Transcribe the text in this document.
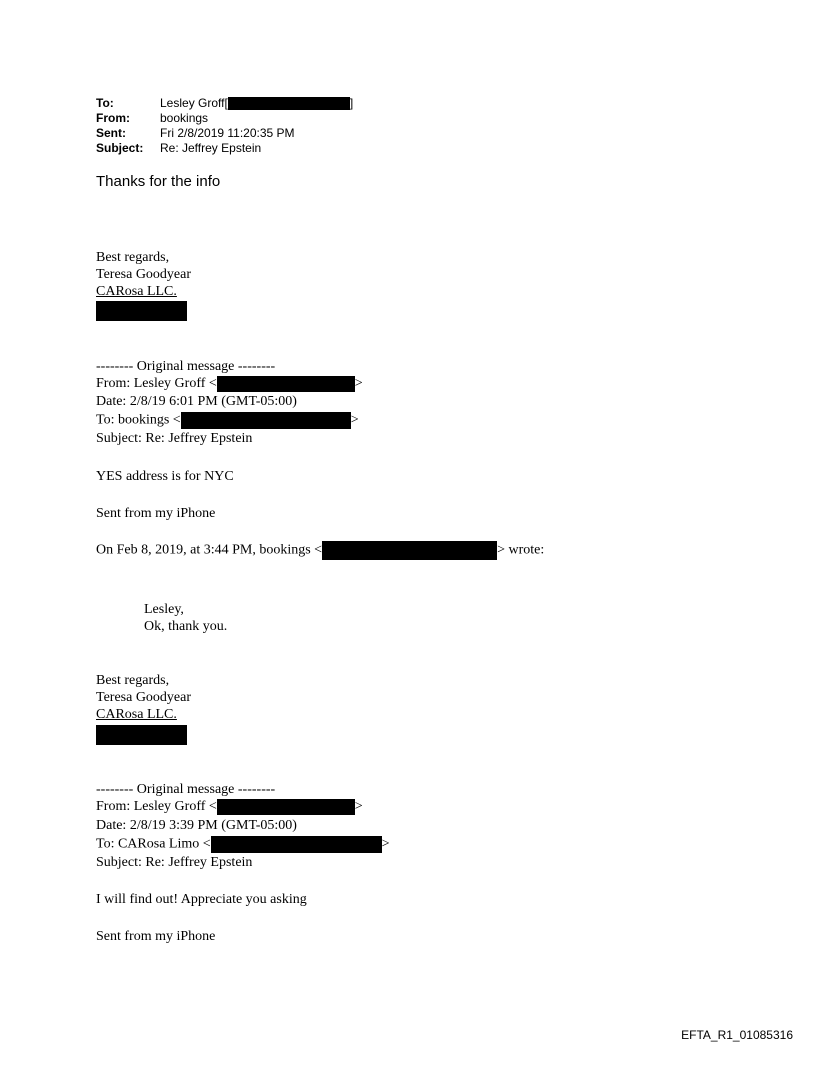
To:	Lesley Groff[	]
From:	bookings
Sent:	Fri 2/8/2019 11:20:35 PM
Subject: Re: Jeffrey Epstein
Thanks for the info
Best regards,
Teresa Goodyear
CARosa LLC.
-------- Original message --------
From: Lesley Groff <	>
Date: 2/8/19 6:01 PM (GMT-05:00)
To: bookings <	>
Subject: Re: Jeffrey Epstein
YES address is for NYC
Sent from my iPhone
On Feb 8, 2019, at 3:44 PM, bookings <	> wrote:
Lesley,
Ok, thank you.
Best regards,
Teresa Goodyear
CARosa LLC.
-------- Original message --------
From: Lesley Groff <	>
Date: 2/8/19 3:39 PM (GMT-05:00)
To: CARosa Limo <	>
Subject: Re: Jeffrey Epstein
I will find out! Appreciate you asking
Sent from my iPhone
EFTA_R1_01085316
